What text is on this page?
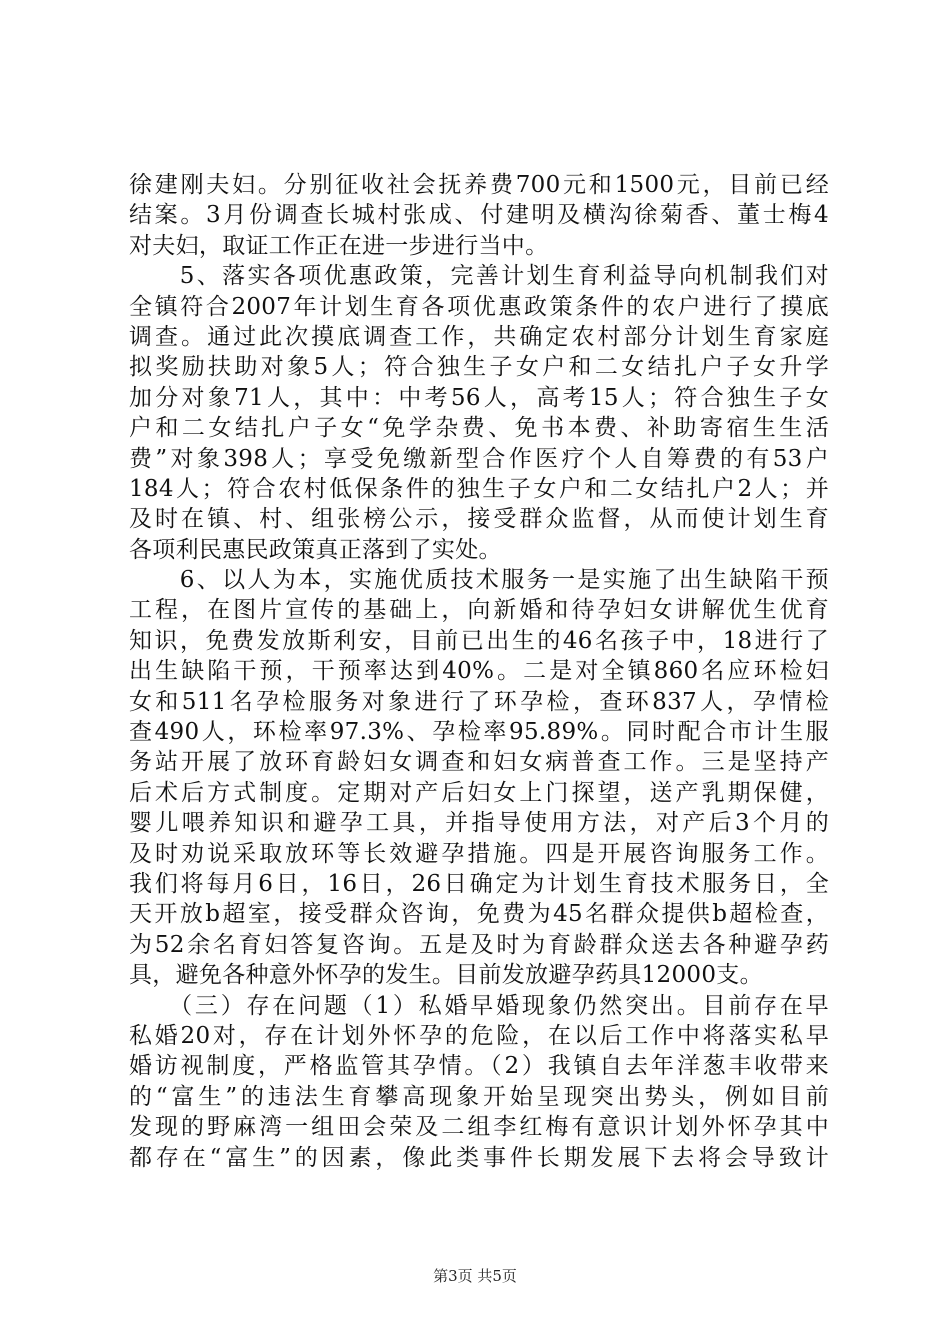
徐建刚夫妇。分别征收社会抚养费700元和1500元，目前已经
结案。3月份调查长城村张成、付建明及横沟徐菊香、董士梅4
对夫妇，取证工作正在进一步进行当中。
　　5、落实各项优惠政策，完善计划生育利益导向机制我们对
全镇符合2007年计划生育各项优惠政策条件的农户进行了摸底
调查。通过此次摸底调查工作，共确定农村部分计划生育家庭
拟奖励扶助对象5人；符合独生子女户和二女结扎户子女升学
加分对象71人，其中：中考56人，高考15人；符合独生子女
户和二女结扎户子女“免学杂费、免书本费、补助寄宿生生活
费”对象398人；享受免缴新型合作医疗个人自筹费的有53户
184人；符合农村低保条件的独生子女户和二女结扎户2人；并
及时在镇、村、组张榜公示，接受群众监督，从而使计划生育
各项利民惠民政策真正落到了实处。
　　6、以人为本，实施优质技术服务一是实施了出生缺陷干预
工程，在图片宣传的基础上，向新婚和待孕妇女讲解优生优育
知识，免费发放斯利安，目前已出生的46名孩子中，18进行了
出生缺陷干预，干预率达到40%。二是对全镇860名应环检妇
女和511名孕检服务对象进行了环孕检，查环837人，孕情检
查490人，环检率97.3%、孕检率95.89%。同时配合市计生服
务站开展了放环育龄妇女调查和妇女病普查工作。三是坚持产
后术后方式制度。定期对产后妇女上门探望，送产乳期保健，
婴儿喂养知识和避孕工具，并指导使用方法，对产后3个月的
及时劝说采取放环等长效避孕措施。四是开展咨询服务工作。
我们将每月6日，16日，26日确定为计划生育技术服务日，全
天开放b超室，接受群众咨询，免费为45名群众提供b超检查，
为52余名育妇答复咨询。五是及时为育龄群众送去各种避孕药
具，避免各种意外怀孕的发生。目前发放避孕药具12000支。
　　（三）存在问题（1）私婚早婚现象仍然突出。目前存在早
私婚20对，存在计划外怀孕的危险，在以后工作中将落实私早
婚访视制度，严格监管其孕情。（2）我镇自去年洋葱丰收带来
的“富生”的违法生育攀高现象开始呈现突出势头，例如目前
发现的野麻湾一组田会荣及二组李红梅有意识计划外怀孕其中
都存在“富生”的因素，像此类事件长期发展下去将会导致计
第3页 共5页
